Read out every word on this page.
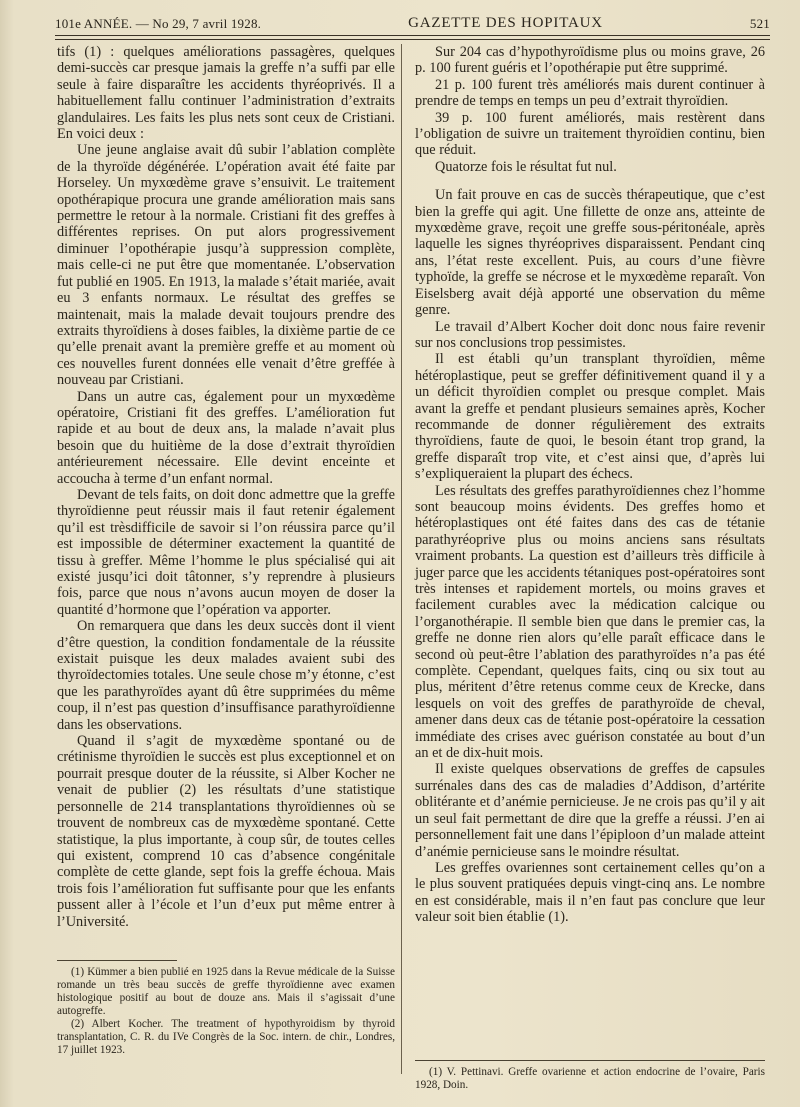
101e ANNÉE. — No 29, 7 avril 1928.	GAZETTE DES HOPITAUX	521

tifs (1) : quelques améliorations passagères, quelques demi-succès car presque jamais la greffe n’a suffi par elle seule à faire disparaître les accidents thyréoprivés. Il a habituellement fallu continuer l’administration d’extraits glandulaires. Les faits les plus nets sont ceux de Cristiani. En voici deux :

Une jeune anglaise avait dû subir l’ablation complète de la thyroïde dégénérée. L’opération avait été faite par Horseley. Un myxœdème grave s’ensuivit. Le traitement opothérapique procura une grande amélioration mais sans permettre le retour à la normale. Cristiani fit des greffes à différentes reprises. On put alors progressivement diminuer l’opothérapie jusqu’à suppression complète, mais celle-ci ne put être que momentanée. L’observation fut publié en 1905. En 1913, la malade s’était mariée, avait eu 3 enfants normaux. Le résultat des greffes se maintenait, mais la malade devait toujours prendre des extraits thyroïdiens à doses faibles, la dixième partie de ce qu’elle prenait avant la première greffe et au moment où ces nouvelles furent données elle venait d’être greffée à nouveau par Cristiani.

Dans un autre cas, également pour un myxœdème opératoire, Cristiani fit des greffes. L’amélioration fut rapide et au bout de deux ans, la malade n’avait plus besoin que du huitième de la dose d’extrait thyroïdien antérieurement nécessaire. Elle devint enceinte et accoucha à terme d’un enfant normal.

Devant de tels faits, on doit donc admettre que la greffe thyroïdienne peut réussir mais il faut retenir également qu’il est trèsdifficile de savoir si l’on réussira parce qu’il est impossible de déterminer exactement la quantité de tissu à greffer. Même l’homme le plus spécialisé qui ait existé jusqu’ici doit tâtonner, s’y reprendre à plusieurs fois, parce que nous n’avons aucun moyen de doser la quantité d’hormone que l’opération va apporter.

On remarquera que dans les deux succès dont il vient d’être question, la condition fondamentale de la réussite existait puisque les deux malades avaient subi des thyroïdectomies totales. Une seule chose m’y étonne, c’est que les parathyroïdes ayant dû être supprimées du même coup, il n’est pas question d’insuffisance parathyroïdienne dans les observations.

Quand il s’agit de myxœdème spontané ou de crétinisme thyroïdien le succès est plus exceptionnel et on pourrait presque douter de la réussite, si Alber Kocher ne venait de publier (2) les résultats d’une statistique personnelle de 214 transplantations thyroïdiennes où se trouvent de nombreux cas de myxœdème spontané. Cette statistique, la plus importante, à coup sûr, de toutes celles qui existent, comprend 10 cas d’absence congénitale complète de cette glande, sept fois la greffe échoua. Mais trois fois l’amélioration fut suffisante pour que les enfants pussent aller à l’école et l’un d’eux put même entrer à l’Université.

(1) Kümmer a bien publié en 1925 dans la Revue médicale de la Suisse romande un très beau succès de greffe thyroïdienne avec examen histologique positif au bout de douze ans. Mais il s’agissait d’une autogreffe.

(2) Albert Kocher. The treatment of hypothyroidism by thyroid transplantation, C. R. du IVe Congrès de la Soc. intern. de chir., Londres, 17 juillet 1923.

Sur 204 cas d’hypothyroïdisme plus ou moins grave, 26 p. 100 furent guéris et l’opothérapie put être supprimé.

21 p. 100 furent très améliorés mais durent continuer à prendre de temps en temps un peu d’extrait thyroïdien.

39 p. 100 furent améliorés, mais restèrent dans l’obligation de suivre un traitement thyroïdien continu, bien que réduit.

Quatorze fois le résultat fut nul.

Un fait prouve en cas de succès thérapeutique, que c’est bien la greffe qui agit. Une fillette de onze ans, atteinte de myxœdème grave, reçoit une greffe sous-péritonéale, après laquelle les signes thyréoprives disparaissent. Pendant cinq ans, l’état reste excellent. Puis, au cours d’une fièvre typhoïde, la greffe se nécrose et le myxœdème reparaît. Von Eiselsberg avait déjà apporté une observation du même genre.

Le travail d’Albert Kocher doit donc nous faire revenir sur nos conclusions trop pessimistes.

Il est établi qu’un transplant thyroïdien, même hétéroplastique, peut se greffer définitivement quand il y a un déficit thyroïdien complet ou presque complet. Mais avant la greffe et pendant plusieurs semaines après, Kocher recommande de donner régulièrement des extraits thyroïdiens, faute de quoi, le besoin étant trop grand, la greffe disparaît trop vite, et c’est ainsi que, d’après lui s’expliqueraient la plupart des échecs.

Les résultats des greffes parathyroïdiennes chez l’homme sont beaucoup moins évidents. Des greffes homo et hétéroplastiques ont été faites dans des cas de tétanie parathyréoprive plus ou moins anciens sans résultats vraiment probants. La question est d’ailleurs très difficile à juger parce que les accidents tétaniques post-opératoires sont très intenses et rapidement mortels, ou moins graves et facilement curables avec la médication calcique ou l’organothérapie. Il semble bien que dans le premier cas, la greffe ne donne rien alors qu’elle paraît efficace dans le second où peut-être l’ablation des parathyroïdes n’a pas été complète. Cependant, quelques faits, cinq ou six tout au plus, méritent d’être retenus comme ceux de Krecke, dans lesquels on voit des greffes de parathyroïde de cheval, amener dans deux cas de tétanie post-opératoire la cessation immédiate des crises avec guérison constatée au bout d’un an et de dix-huit mois.

Il existe quelques observations de greffes de capsules surrénales dans des cas de maladies d’Addison, d’artérite oblitérante et d’anémie pernicieuse. Je ne crois pas qu’il y ait un seul fait permettant de dire que la greffe a réussi. J’en ai personnellement fait une dans l’épiploon d’un malade atteint d’anémie pernicieuse sans le moindre résultat.

Les greffes ovariennes sont certainement celles qu’on a le plus souvent pratiquées depuis vingt-cinq ans. Le nombre en est considérable, mais il n’en faut pas conclure que leur valeur soit bien établie (1).

(1) V. Pettinavi. Greffe ovarienne et action endocrine de l’ovaire, Paris 1928, Doin.
